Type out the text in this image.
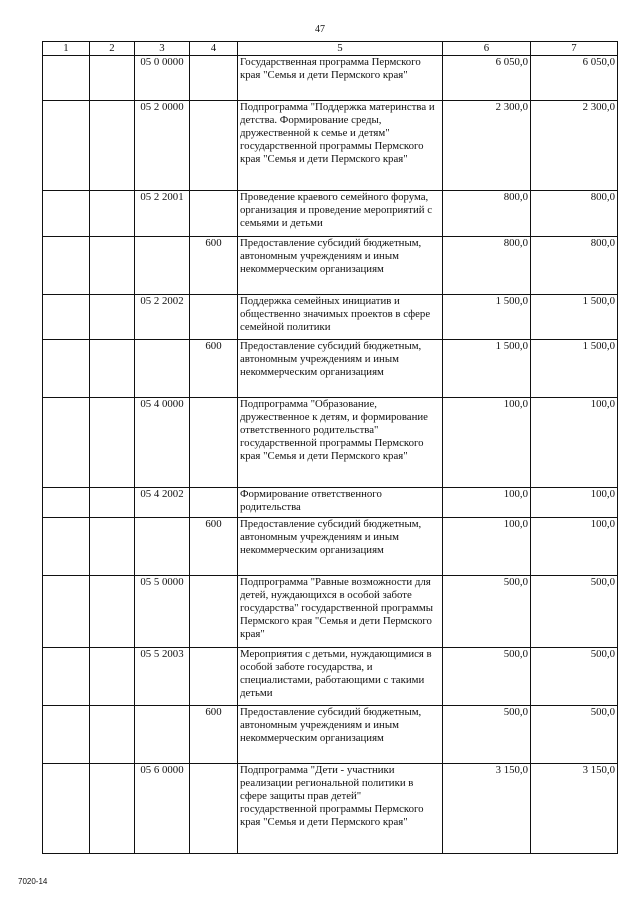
47
1	2	3	4	5	6	7
		05 0 0000		Государственная программа Пермского края "Семья и дети Пермского края"	6 050,0	6 050,0
		05 2 0000		Подпрограмма "Поддержка материнства и детства. Формирование среды, дружественной к семье и детям" государственной программы Пермского края "Семья и дети Пермского края"	2 300,0	2 300,0
		05 2 2001		Проведение краевого семейного форума, организация и проведение мероприятий с семьями и детьми	800,0	800,0
			600	Предоставление субсидий бюджетным, автономным учреждениям и иным некоммерческим организациям	800,0	800,0
		05 2 2002		Поддержка семейных инициатив и общественно значимых проектов в сфере семейной политики	1 500,0	1 500,0
			600	Предоставление субсидий бюджетным, автономным учреждениям и иным некоммерческим организациям	1 500,0	1 500,0
		05 4 0000		Подпрограмма "Образование, дружественное к детям, и формирование ответственного родительства" государственной программы Пермского края "Семья и дети Пермского края"	100,0	100,0
		05 4 2002		Формирование ответственного родительства	100,0	100,0
			600	Предоставление субсидий бюджетным, автономным учреждениям и иным некоммерческим организациям	100,0	100,0
		05 5 0000		Подпрограмма "Равные возможности для детей, нуждающихся в особой заботе государства" государственной программы Пермского края "Семья и дети Пермского края"	500,0	500,0
		05 5 2003		Мероприятия с детьми, нуждающимися в особой заботе государства, и специалистами, работающими с такими детьми	500,0	500,0
			600	Предоставление субсидий бюджетным, автономным учреждениям и иным некоммерческим организациям	500,0	500,0
		05 6 0000		Подпрограмма "Дети - участники реализации региональной политики в сфере защиты прав детей" государственной программы Пермского края "Семья и дети Пермского края"	3 150,0	3 150,0
7020-14
